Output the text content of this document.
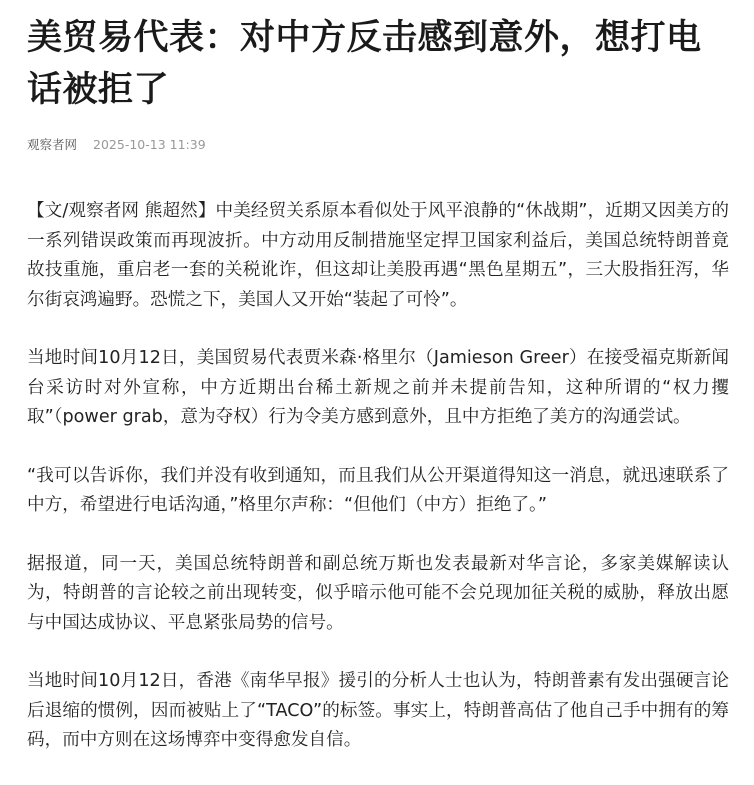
美贸易代表：对中方反击感到意外，想打电话被拒了
观察者网 2025-10-13 11:39

【文/观察者网 熊超然】中美经贸关系原本看似处于风平浪静的“休战期”，近期又因美方的一系列错误政策而再现波折。中方动用反制措施坚定捍卫国家利益后，美国总统特朗普竟故技重施，重启老一套的关税讹诈，但这却让美股再遇“黑色星期五”，三大股指狂泻，华尔街哀鸿遍野。恐慌之下，美国人又开始“装起了可怜”。

当地时间10月12日，美国贸易代表贾米森·格里尔（Jamieson Greer）在接受福克斯新闻台采访时对外宣称，中方近期出台稀土新规之前并未提前告知，这种所谓的“权力攫取”（power grab，意为夺权）行为令美方感到意外，且中方拒绝了美方的沟通尝试。

“我可以告诉你，我们并没有收到通知，而且我们从公开渠道得知这一消息，就迅速联系了中方，希望进行电话沟通，”格里尔声称：“但他们（中方）拒绝了。”

据报道，同一天，美国总统特朗普和副总统万斯也发表最新对华言论，多家美媒解读认为，特朗普的言论较之前出现转变，似乎暗示他可能不会兑现加征关税的威胁，释放出愿与中国达成协议、平息紧张局势的信号。

当地时间10月12日，香港《南华早报》援引的分析人士也认为，特朗普素有发出强硬言论后退缩的惯例，因而被贴上了“TACO”的标签。事实上，特朗普高估了他自己手中拥有的筹码，而中方则在这场博弈中变得愈发自信。
